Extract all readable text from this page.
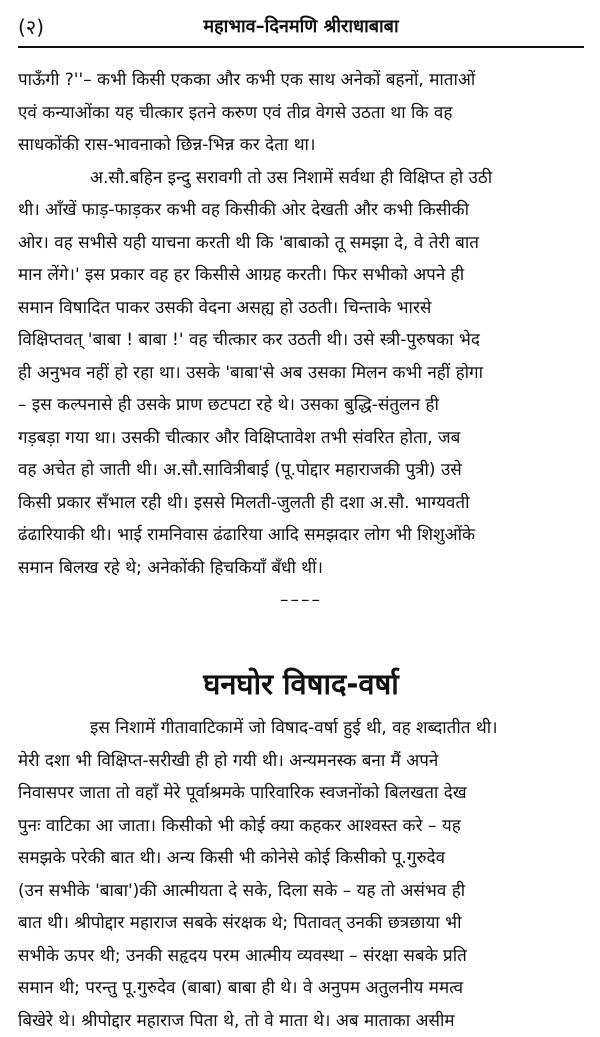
(२)	महाभाव–दिनमणि श्रीराधाबाबा
पाऊँगी ?''– कभी किसी एकका और कभी एक साथ अनेकों बहनों, माताओं
एवं कन्याओंका यह चीत्कार इतने करुण एवं तीव्र वेगसे उठता था कि वह
साधकोंकी रास-भावनाको छिन्न-भिन्न कर देता था।
अ.सौ.बहिन इन्दु सरावगी तो उस निशामें सर्वथा ही विक्षिप्त हो उठी
थी। आँखें फाड़-फाड़कर कभी वह किसीकी ओर देखती और कभी किसीकी
ओर। वह सभीसे यही याचना करती थी कि 'बाबाको तू समझा दे, वे तेरी बात
मान लेंगे।' इस प्रकार वह हर किसीसे आग्रह करती। फिर सभीको अपने ही
समान विषादित पाकर उसकी वेदना असह्य हो उठती। चिन्ताके भारसे
विक्षिप्तवत् 'बाबा ! बाबा !' वह चीत्कार कर उठती थी। उसे स्त्री-पुरुषका भेद
ही अनुभव नहीं हो रहा था। उसके 'बाबा'से अब उसका मिलन कभी नहीं होगा
– इस कल्पनासे ही उसके प्राण छटपटा रहे थे। उसका बुद्धि-संतुलन ही
गड़बड़ा गया था। उसकी चीत्कार और विक्षिप्तावेश तभी संवरित होता, जब
वह अचेत हो जाती थी। अ.सौ.सावित्रीबाई (पू.पोद्दार महाराजकी पुत्री) उसे
किसी प्रकार सँभाल रही थी। इससे मिलती-जुलती ही दशा अ.सौ. भाग्यवती
ढंढारियाकी थी। भाई रामनिवास ढंढारिया आदि समझदार लोग भी शिशुओंके
समान बिलख रहे थे; अनेकोंकी हिचकियाँ बँधी थीं।
––––
घनघोर विषाद-वर्षा
इस निशामें गीतावाटिकामें जो विषाद-वर्षा हुई थी, वह शब्दातीत थी।
मेरी दशा भी विक्षिप्त-सरीखी ही हो गयी थी। अन्यमनस्क बना मैं अपने
निवासपर जाता तो वहाँ मेरे पूर्वाश्रमके पारिवारिक स्वजनोंको बिलखता देख
पुनः वाटिका आ जाता। किसीको भी कोई क्या कहकर आश्वस्त करे – यह
समझके परेकी बात थी। अन्य किसी भी कोनेसे कोई किसीको पू.गुरुदेव
(उन सभीके 'बाबा')की आत्मीयता दे सके, दिला सके – यह तो असंभव ही
बात थी। श्रीपोद्दार महाराज सबके संरक्षक थे; पितावत् उनकी छत्रछाया भी
सभीके ऊपर थी; उनकी सहृदय परम आत्मीय व्यवस्था – संरक्षा सबके प्रति
समान थी; परन्तु पू.गुरुदेव (बाबा) बाबा ही थे। वे अनुपम अतुलनीय ममत्व
बिखेरे थे। श्रीपोद्दार महाराज पिता थे, तो वे माता थे। अब माताका असीम
